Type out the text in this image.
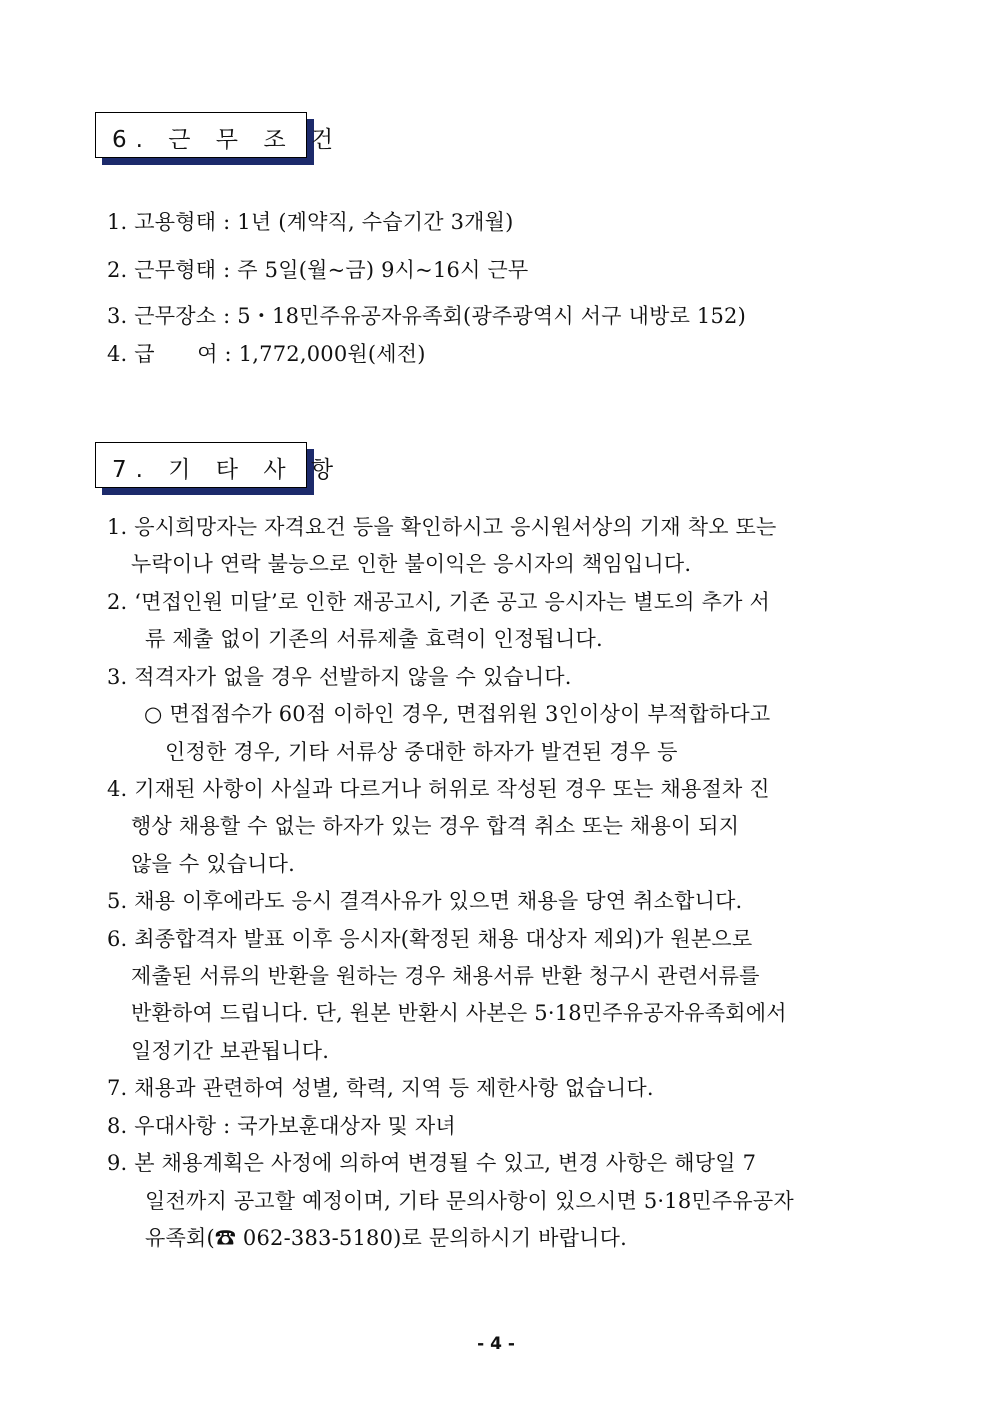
6. 근 무 조 건
1. 고용형태 : 1년 (계약직, 수습기간 3개월)
2. 근무형태 : 주 5일(월~금) 9시~16시 근무
3. 근무장소 : 5・18민주유공자유족회(광주광역시 서구 내방로 152)
4. 급　　여 : 1,772,000원(세전)
7. 기 타 사 항
1. 응시희망자는 자격요건 등을 확인하시고 응시원서상의 기재 착오 또는
누락이나 연락 불능으로 인한 불이익은 응시자의 책임입니다.
2. ‘면접인원 미달’로 인한 재공고시, 기존 공고 응시자는 별도의 추가 서
류 제출 없이 기존의 서류제출 효력이 인정됩니다.
3. 적격자가 없을 경우 선발하지 않을 수 있습니다.
○ 면접점수가 60점 이하인 경우, 면접위원 3인이상이 부적합하다고
인정한 경우, 기타 서류상 중대한 하자가 발견된 경우 등
4. 기재된 사항이 사실과 다르거나 허위로 작성된 경우 또는 채용절차 진
행상 채용할 수 없는 하자가 있는 경우 합격 취소 또는 채용이 되지
않을 수 있습니다.
5. 채용 이후에라도 응시 결격사유가 있으면 채용을 당연 취소합니다.
6. 최종합격자 발표 이후 응시자(확정된 채용 대상자 제외)가 원본으로
제출된 서류의 반환을 원하는 경우 채용서류 반환 청구시 관련서류를
반환하여 드립니다. 단, 원본 반환시 사본은 5·18민주유공자유족회에서
일정기간 보관됩니다.
7. 채용과 관련하여 성별, 학력, 지역 등 제한사항 없습니다.
8. 우대사항 : 국가보훈대상자 및 자녀
9. 본 채용계획은 사정에 의하여 변경될 수 있고, 변경 사항은 해당일 7
일전까지 공고할 예정이며, 기타 문의사항이 있으시면 5·18민주유공자
유족회(☎ 062-383-5180)로 문의하시기 바랍니다.
- 4 -
